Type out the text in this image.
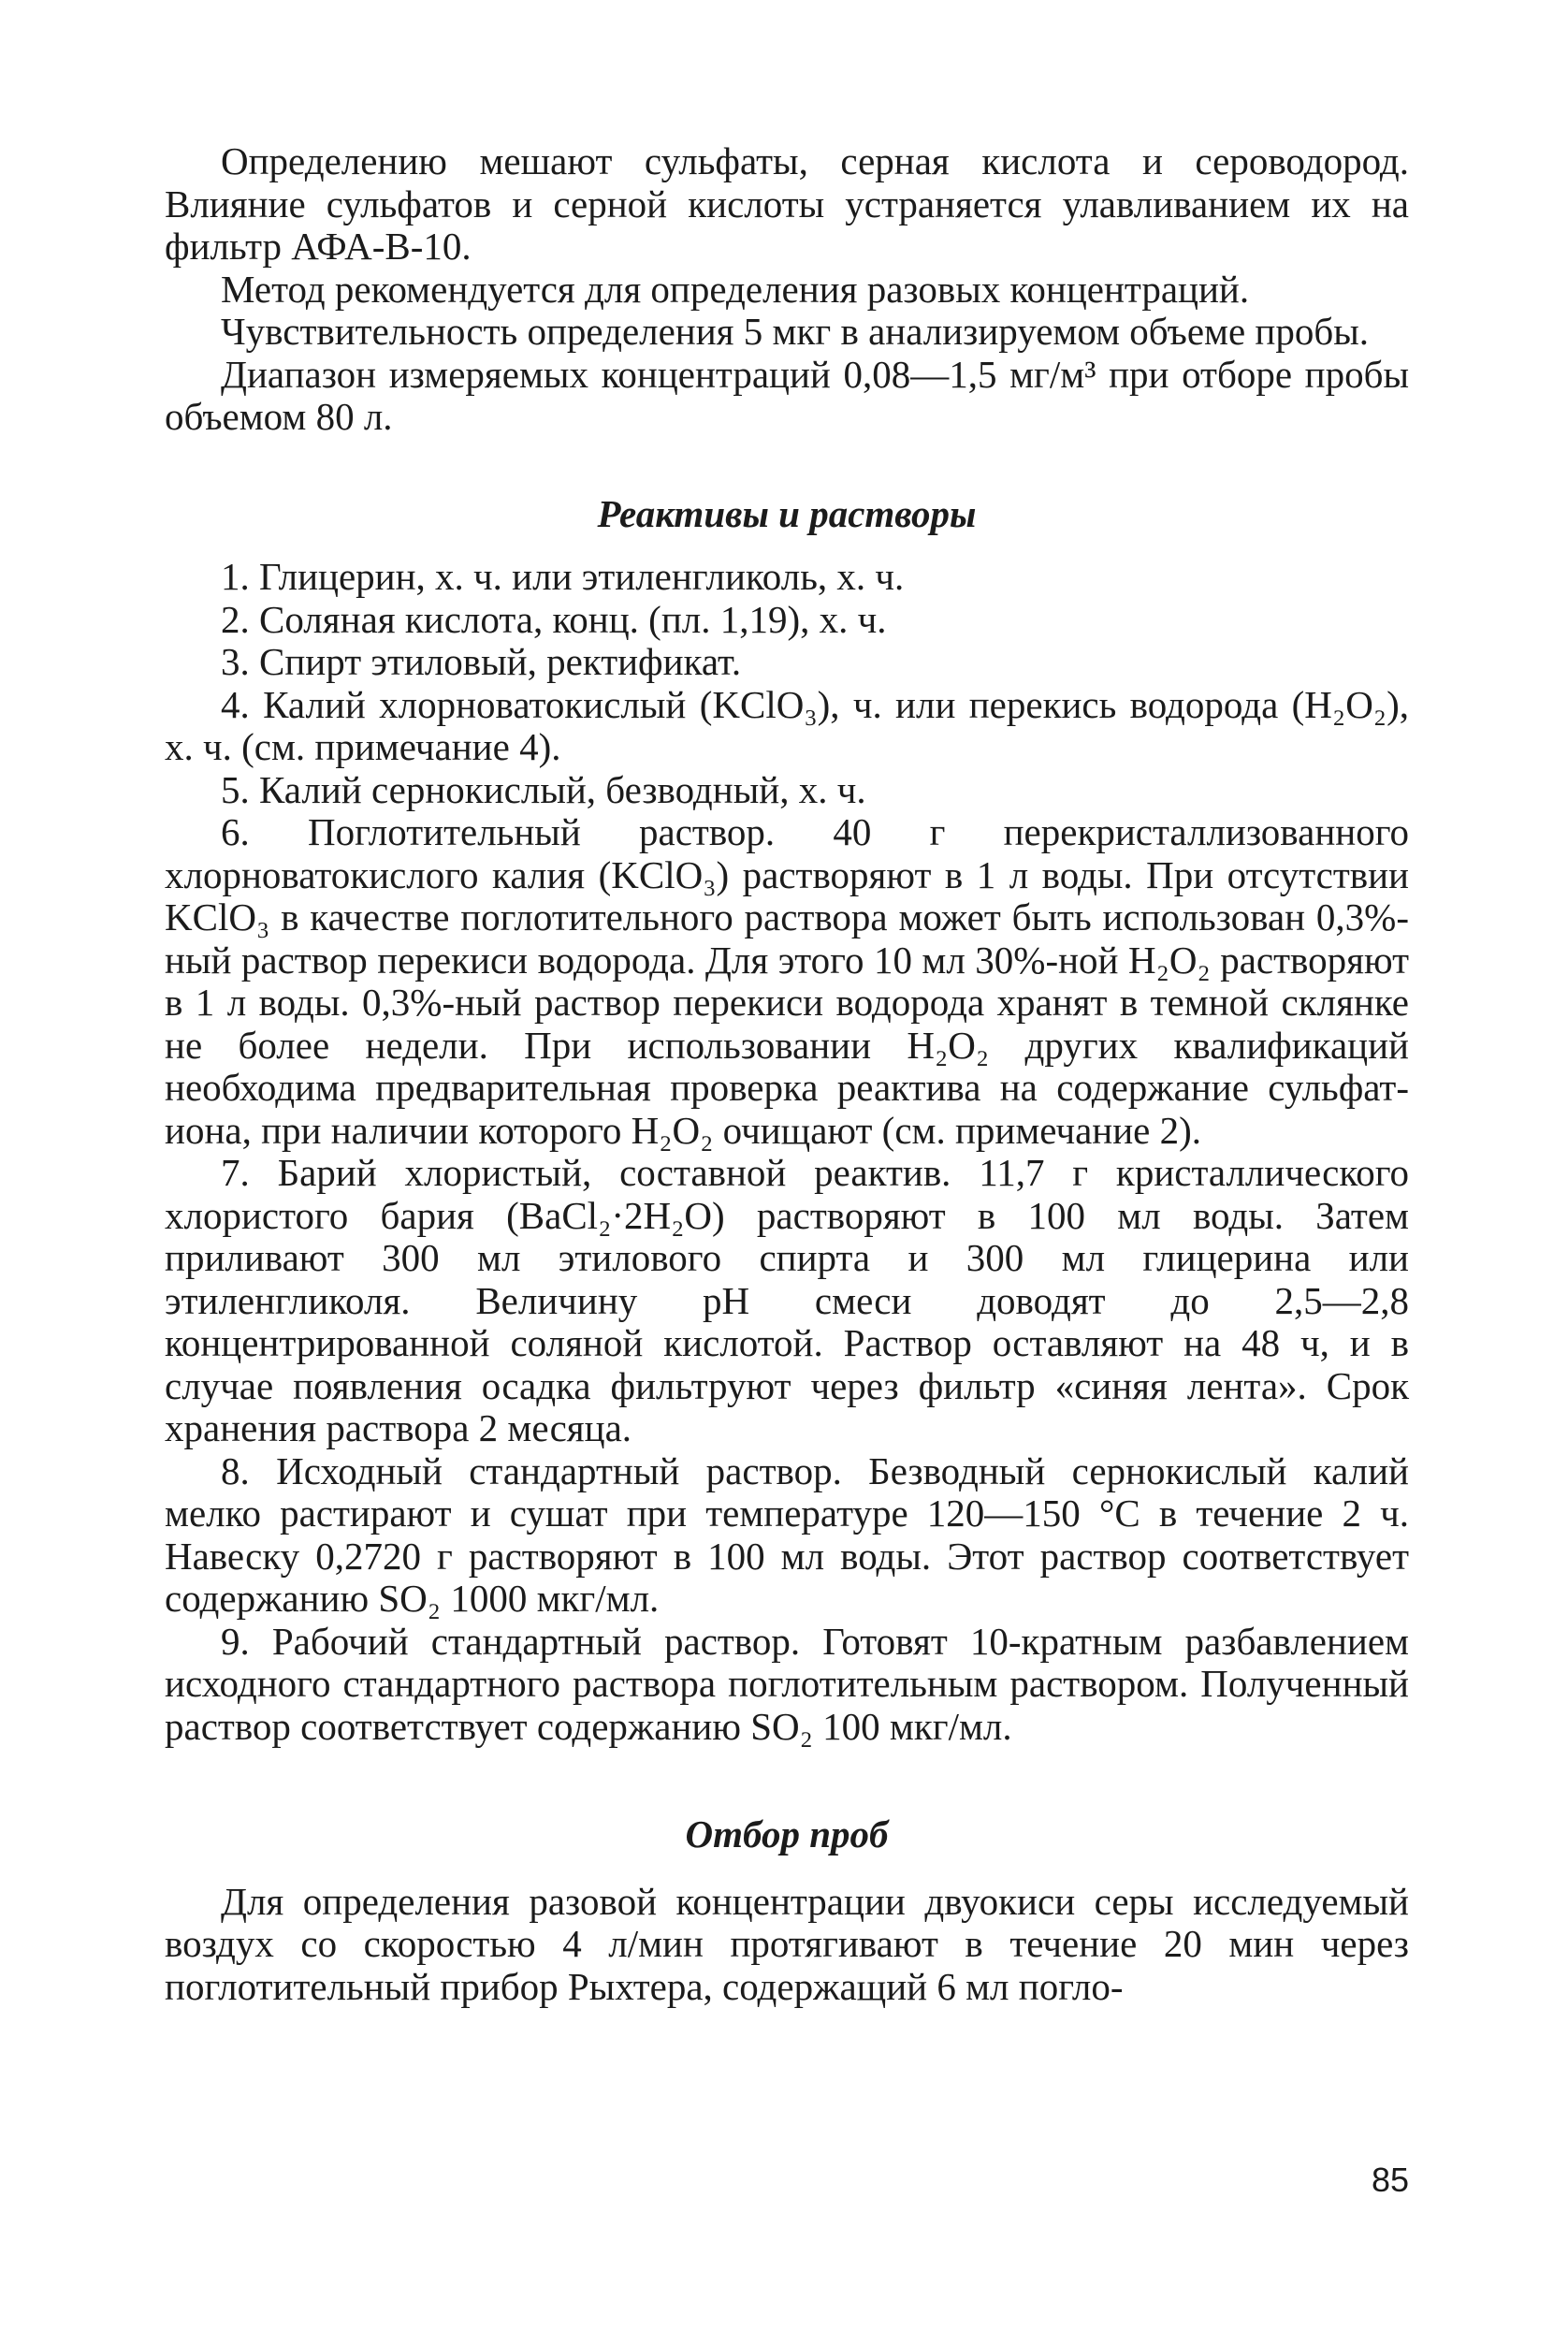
Определению мешают сульфаты, серная кислота и сероводород. Влияние сульфатов и серной кислоты устраняется улавливанием их на фильтр АФА-В-10.

Метод рекомендуется для определения разовых концентраций.

Чувствительность определения 5 мкг в анализируемом объеме пробы.

Диапазон измеряемых концентраций 0,08—1,5 мг/м³ при отборе пробы объемом 80 л.

Реактивы и растворы

1. Глицерин, х. ч. или этиленгликоль, х. ч.

2. Соляная кислота, конц. (пл. 1,19), х. ч.

3. Спирт этиловый, ректификат.

4. Калий хлорноватокислый (KClO₃), ч. или перекись водорода (H₂O₂), х. ч. (см. примечание 4).

5. Калий сернокислый, безводный, х. ч.

6. Поглотительный раствор. 40 г перекристаллизованного хлорноватокислого калия (KClO₃) растворяют в 1 л воды. При отсутствии KClO₃ в качестве поглотительного раствора может быть использован 0,3%-ный раствор перекиси водорода. Для этого 10 мл 30%-ной H₂O₂ растворяют в 1 л воды. 0,3%-ный раствор перекиси водорода хранят в темной склянке не более недели. При использовании H₂O₂ других квалификаций необходима предварительная проверка реактива на содержание сульфат-иона, при наличии которого H₂O₂ очищают (см. примечание 2).

7. Барий хлористый, составной реактив. 11,7 г кристаллического хлористого бария (BaCl₂·2H₂O) растворяют в 100 мл воды. Затем приливают 300 мл этилового спирта и 300 мл глицерина или этиленгликоля. Величину pH смеси доводят до 2,5—2,8 концентрированной соляной кислотой. Раствор оставляют на 48 ч, и в случае появления осадка фильтруют через фильтр «синяя лента». Срок хранения раствора 2 месяца.

8. Исходный стандартный раствор. Безводный сернокислый калий мелко растирают и сушат при температуре 120—150 °С в течение 2 ч. Навеску 0,2720 г растворяют в 100 мл воды. Этот раствор соответствует содержанию SO₂ 1000 мкг/мл.

9. Рабочий стандартный раствор. Готовят 10-кратным разбавлением исходного стандартного раствора поглотительным раствором. Полученный раствор соответствует содержанию SO₂ 100 мкг/мл.

Отбор проб

Для определения разовой концентрации двуокиси серы исследуемый воздух со скоростью 4 л/мин протягивают в течение 20 мин через поглотительный прибор Рыхтера, содержащий 6 мл погло-

85
